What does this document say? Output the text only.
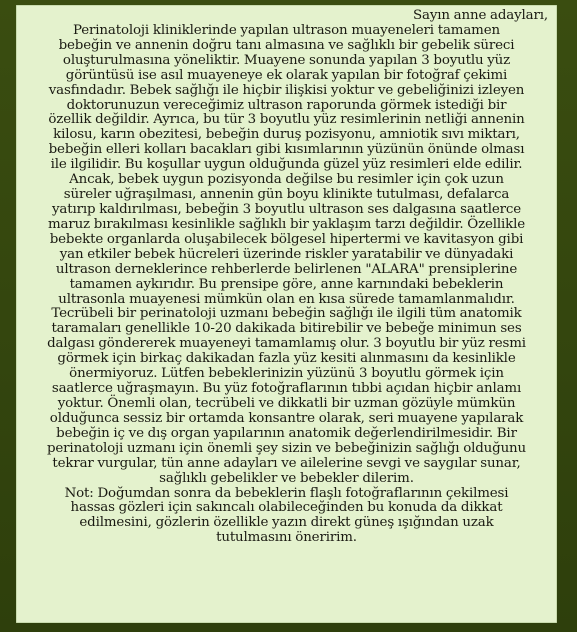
Sayın anne adayları,
Perinatoloji kliniklerinde yapılan ultrason muayeneleri tamamen
bebeğin ve annenin doğru tanı almasına ve sağlıklı bir gebelik süreci
oluşturulmasına yöneliktir. Muayene sonunda yapılan 3 boyutlu yüz
görüntüsü ise asıl muayeneye ek olarak yapılan bir fotoğraf çekimi
vasfındadır. Bebek sağlığı ile hiçbir ilişkisi yoktur ve gebeliğinizi izleyen
doktorunuzun vereceğimiz ultrason raporunda görmek istediği bir
özellik değildir. Ayrıca, bu tür 3 boyutlu yüz resimlerinin netliği annenin
kilosu, karın obezitesi, bebeğin duruş pozisyonu, amniotik sıvı miktarı,
bebeğin elleri kolları bacakları gibi kısımlarının yüzünün önünde olması
ile ilgilidir. Bu koşullar uygun olduğunda güzel yüz resimleri elde edilir.
Ancak, bebek uygun pozisyonda değilse bu resimler için çok uzun
süreler uğraşılması, annenin gün boyu klinikte tutulması, defalarca
yatırıp kaldırılması, bebeğin 3 boyutlu ultrason ses dalgasına saatlerce
maruz bırakılması kesinlikle sağlıklı bir yaklaşım tarzı değildir. Özellikle
bebekte organlarda oluşabilecek bölgesel hipertermi ve kavitasyon gibi
yan etkiler bebek hücreleri üzerinde riskler yaratabilir ve dünyadaki
ultrason derneklerince rehberlerde belirlenen "ALARA" prensiplerine
tamamen aykırıdır. Bu prensipe göre, anne karnındaki bebeklerin
ultrasonla muayenesi mümkün olan en kısa sürede tamamlanmalıdır.
Tecrübeli bir perinatoloji uzmanı bebeğin sağlığı ile ilgili tüm anatomik
taramaları genellikle 10-20 dakikada bitirebilir ve bebeğe minimun ses
dalgası göndererek muayeneyi tamamlamış olur. 3 boyutlu bir yüz resmi
görmek için birkaç dakikadan fazla yüz kesiti alınmasını da kesinlikle
önermiyoruz. Lütfen bebeklerinizin yüzünü 3 boyutlu görmek için
saatlerce uğraşmayın. Bu yüz fotoğraflarının tıbbi açıdan hiçbir anlamı
yoktur. Önemli olan, tecrübeli ve dikkatli bir uzman gözüyle mümkün
olduğunca sessiz bir ortamda konsantre olarak, seri muayene yapılarak
bebeğin iç ve dış organ yapılarının anatomik değerlendirilmesidir. Bir
perinatoloji uzmanı için önemli şey sizin ve bebeğinizin sağlığı olduğunu
tekrar vurgular, tün anne adayları ve ailelerine sevgi ve saygılar sunar,
sağlıklı gebelikler ve bebekler dilerim.
Not: Doğumdan sonra da bebeklerin flaşlı fotoğraflarının çekilmesi
hassas gözleri için sakıncalı olabileceğinden bu konuda da dikkat
edilmesini, gözlerin özellikle yazın direkt güneş ışığından uzak
tutulmasını öneririm.
